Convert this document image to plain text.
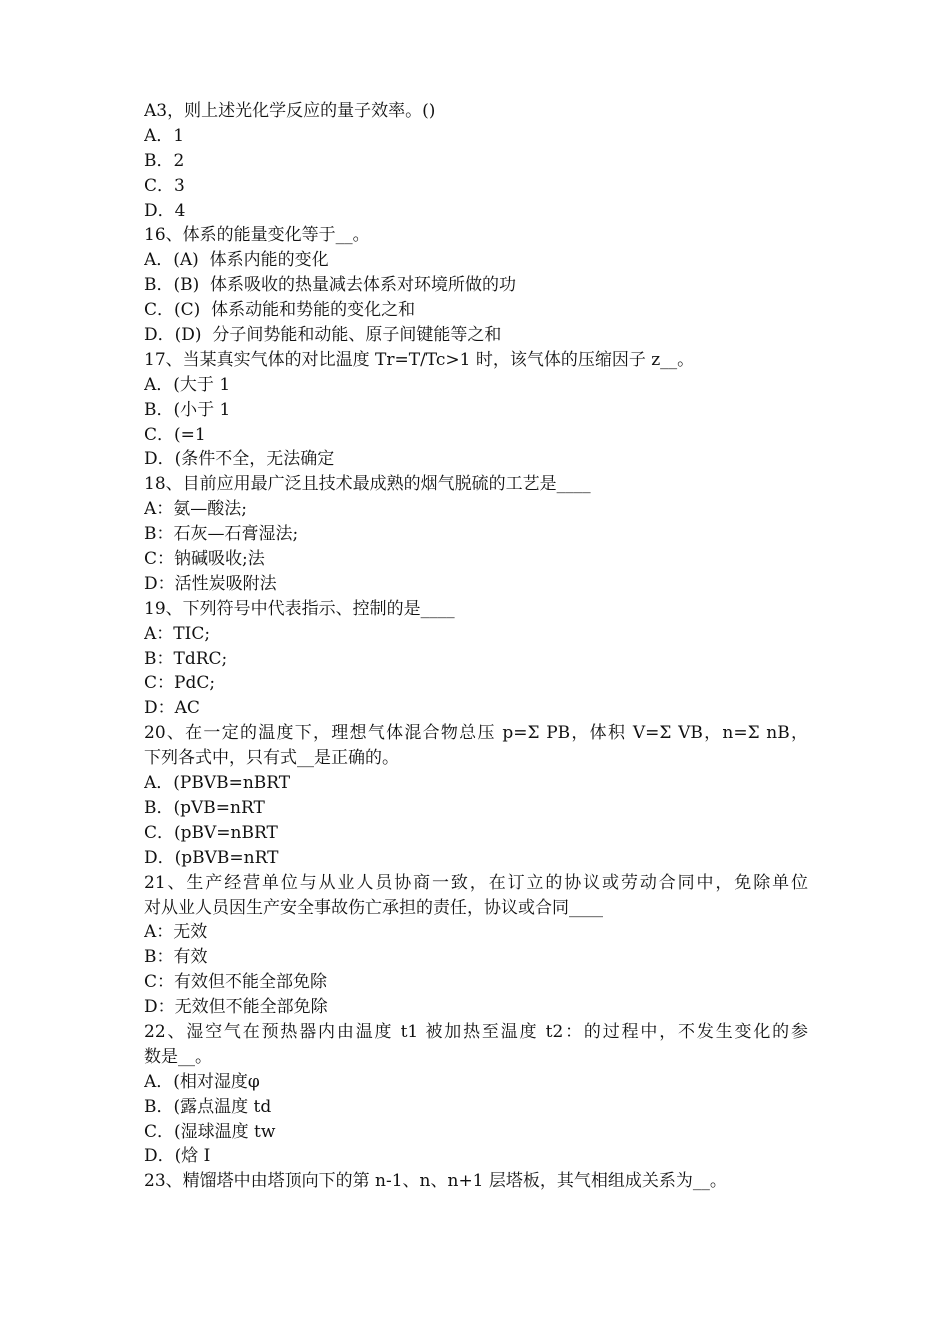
A3，则上述光化学反应的量子效率。()
A．1
B．2
C．3
D．4
16、体系的能量变化等于__。
A．(A)  体系内能的变化
B．(B)  体系吸收的热量减去体系对环境所做的功
C．(C)  体系动能和势能的变化之和
D．(D)  分子间势能和动能、原子间键能等之和
17、当某真实气体的对比温度 Tr=T/Tc>1 时，该气体的压缩因子 z__。
A．(大于 1
B．(小于 1
C．(=1
D．(条件不全，无法确定
18、目前应用最广泛且技术最成熟的烟气脱硫的工艺是____
A：氨—酸法;
B：石灰—石膏湿法;
C：钠碱吸收;法
D：活性炭吸附法
19、下列符号中代表指示、控制的是____
A：TIC;
B：TdRC;
C：PdC;
D：AC
20、在一定的温度下，理想气体混合物总压 p=Σ PB，体积 V=Σ VB，n=Σ nB，
下列各式中，只有式__是正确的。
A．(PBVB=nBRT
B．(pVB=nRT
C．(pBV=nBRT
D．(pBVB=nRT
21、生产经营单位与从业人员协商一致，在订立的协议或劳动合同中，免除单位
对从业人员因生产安全事故伤亡承担的责任，协议或合同____
A：无效
B：有效
C：有效但不能全部免除
D：无效但不能全部免除
22、湿空气在预热器内由温度 t1 被加热至温度 t2：的过程中，不发生变化的参
数是__。
A．(相对湿度φ
B．(露点温度 td
C．(湿球温度 tw
D．(焓 I
23、精馏塔中由塔顶向下的第 n-1、n、n+1 层塔板，其气相组成关系为__。
